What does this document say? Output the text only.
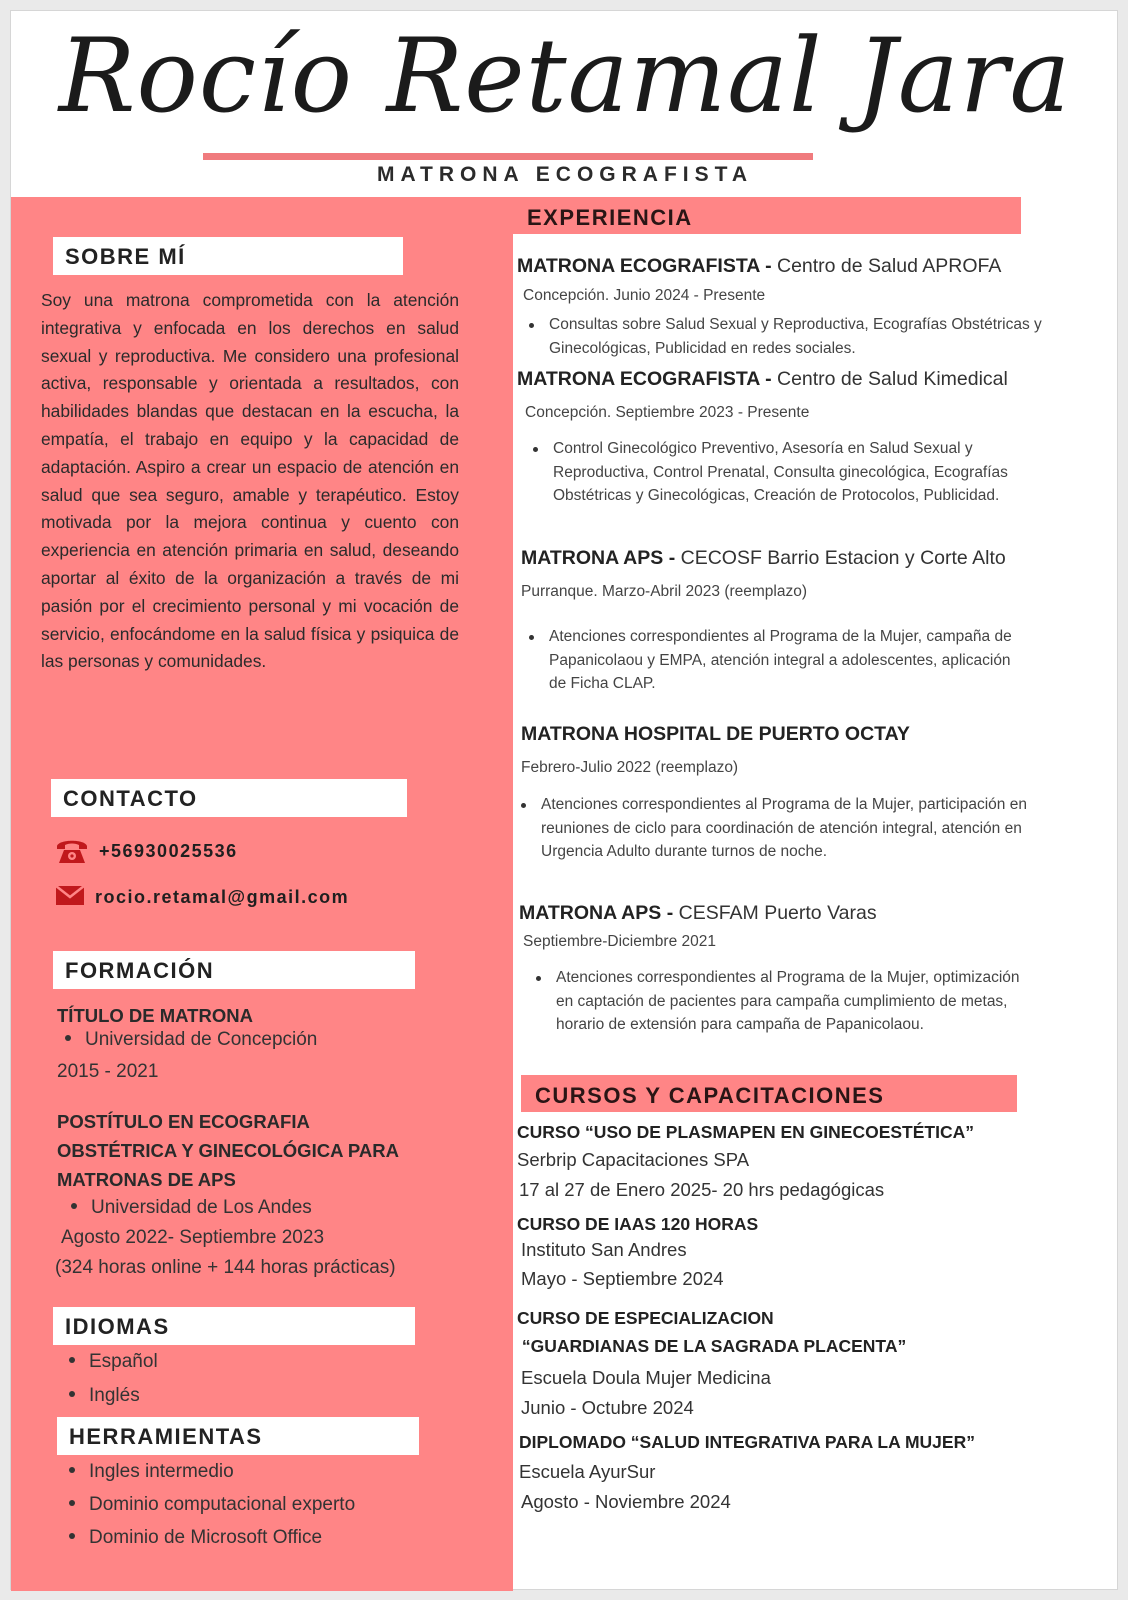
Rocío Retamal Jara
MATRONA ECOGRAFISTA
SOBRE MÍ
Soy una matrona comprometida con la atención integrativa y enfocada en los derechos en salud sexual y reproductiva. Me considero una profesional activa, responsable y orientada a resultados, con habilidades blandas que destacan en la escucha, la empatía, el trabajo en equipo y la capacidad de adaptación. Aspiro a crear un espacio de atención en salud que sea seguro, amable y terapéutico. Estoy motivada por la mejora continua y cuento con experiencia en atención primaria en salud, deseando aportar al éxito de la organización a través de mi pasión por el crecimiento personal y mi vocación de servicio, enfocándome en la salud física y psiquica de las personas y comunidades.
CONTACTO
+56930025536
rocio.retamal@gmail.com
FORMACIÓN
TÍTULO DE MATRONA
Universidad de Concepción
2015 - 2021
POSTÍTULO EN ECOGRAFIA
OBSTÉTRICA Y GINECOLÓGICA PARA
MATRONAS DE APS
Universidad de Los Andes
Agosto 2022- Septiembre 2023
(324 horas online + 144 horas prácticas)
IDIOMAS
Español
Inglés
HERRAMIENTAS
Ingles intermedio
Dominio computacional experto
Dominio de Microsoft Office
EXPERIENCIA
MATRONA ECOGRAFISTA - Centro de Salud APROFA
Concepción. Junio 2024 - Presente
Consultas sobre Salud Sexual y Reproductiva, Ecografías Obstétricas y Ginecológicas, Publicidad en redes sociales.
MATRONA ECOGRAFISTA - Centro de Salud Kimedical
Concepción. Septiembre 2023 - Presente
Control Ginecológico Preventivo, Asesoría en Salud Sexual y Reproductiva, Control Prenatal, Consulta ginecológica, Ecografías Obstétricas y Ginecológicas, Creación de Protocolos, Publicidad.
MATRONA APS - CECOSF Barrio Estacion y Corte Alto
Purranque. Marzo-Abril 2023 (reemplazo)
Atenciones correspondientes al Programa de la Mujer, campaña de Papanicolaou y EMPA, atención integral a adolescentes, aplicación de Ficha CLAP.
MATRONA HOSPITAL DE PUERTO OCTAY
Febrero-Julio 2022 (reemplazo)
Atenciones correspondientes al Programa de la Mujer, participación en reuniones de ciclo para coordinación de atención integral, atención en Urgencia Adulto durante turnos de noche.
MATRONA APS - CESFAM Puerto Varas
Septiembre-Diciembre 2021
Atenciones correspondientes al Programa de la Mujer, optimización en captación de pacientes para campaña cumplimiento de metas, horario de extensión para campaña de Papanicolaou.
CURSOS Y CAPACITACIONES
CURSO “USO DE PLASMAPEN EN GINECOESTÉTICA”
Serbrip Capacitaciones SPA
17 al 27 de Enero 2025- 20 hrs pedagógicas
CURSO DE IAAS 120 HORAS
Instituto San Andres
Mayo - Septiembre 2024
CURSO DE ESPECIALIZACION
“GUARDIANAS DE LA SAGRADA PLACENTA”
Escuela Doula Mujer Medicina
Junio - Octubre 2024
DIPLOMADO “SALUD INTEGRATIVA PARA LA MUJER”
Escuela AyurSur
Agosto - Noviembre 2024
